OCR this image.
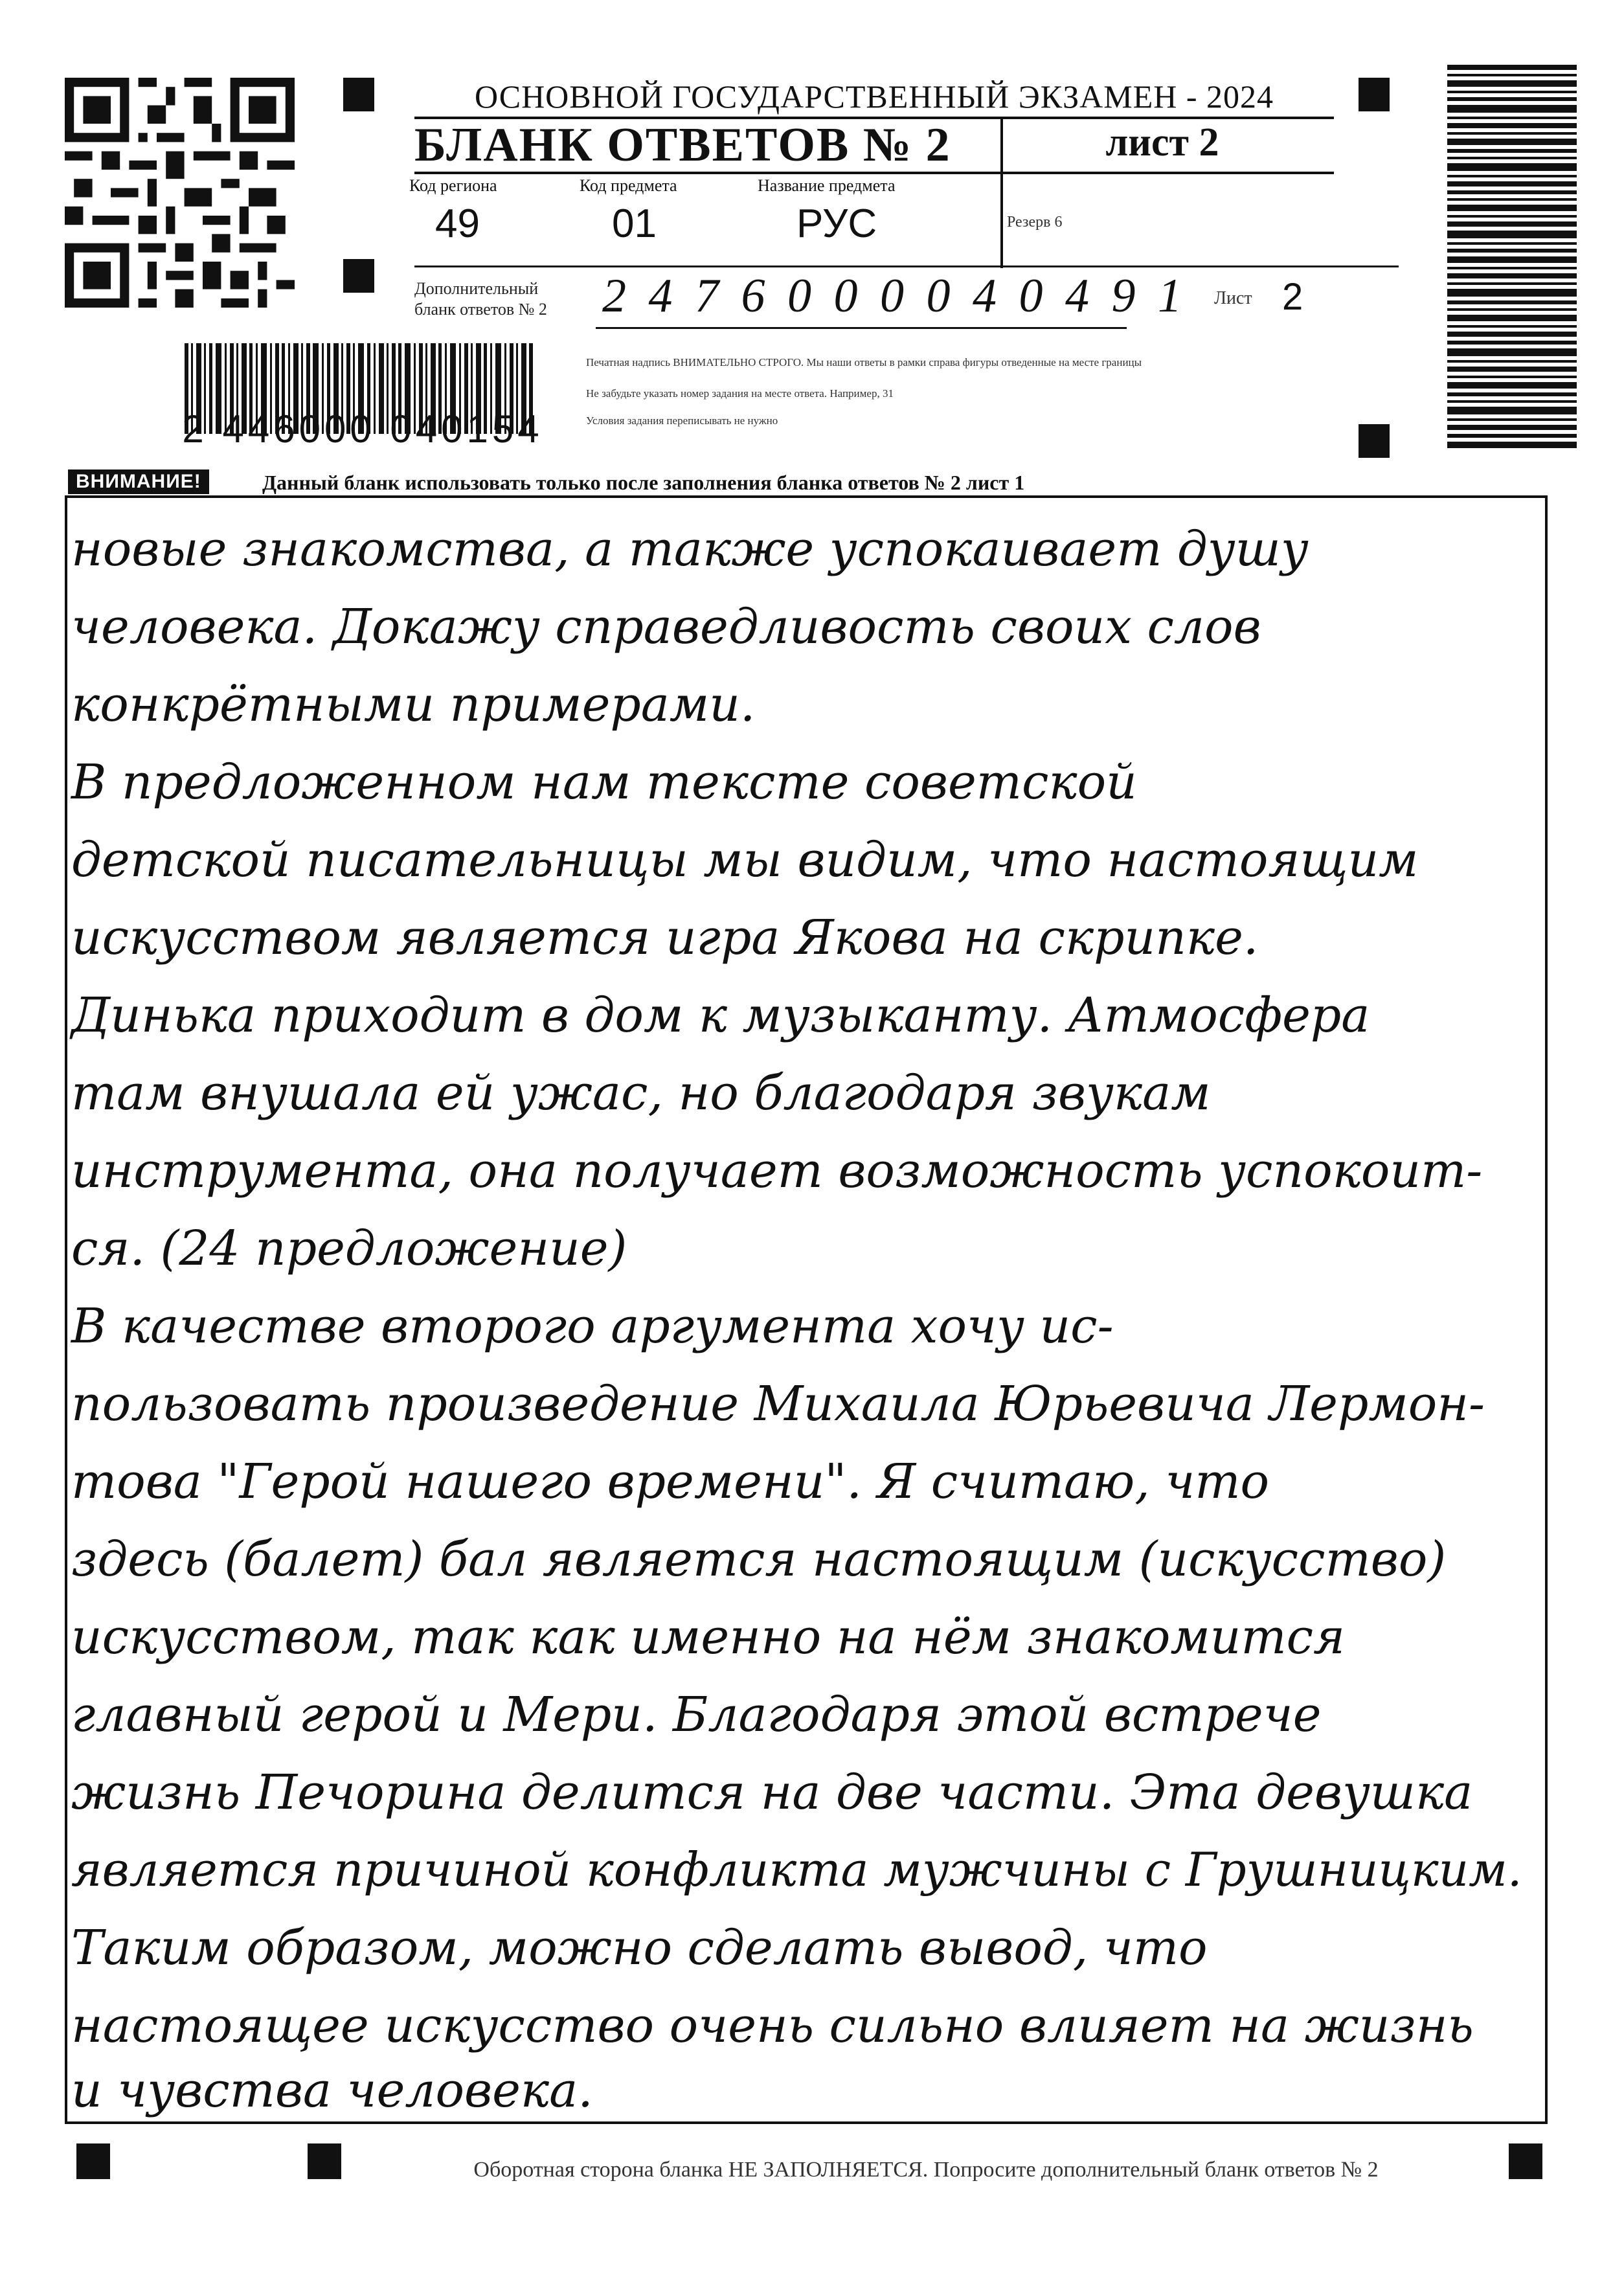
2 446000 040154
ОСНОВНОЙ ГОСУДАРСТВЕННЫЙ ЭКЗАМЕН - 2024
БЛАНК ОТВЕТОВ № 2	лист 2
Код региона	Код предмета	Название предмета
49	01	РУС	Резерв 6
Дополнительный
бланк ответов № 2 2 4 7 6 0 0 0 0 4 0 4 9 1 Лист 2
Печатная надпись ВНИМАТЕЛЬНО СТРОГО. Мы наши ответы в рамки справа фигуры отведенные на месте границы
Не забудьте указать номер задания на месте ответа. Например, 31
Условия задания переписывать не нужно
ВНИМАНИЕ!	Данный бланк использовать только после заполнения бланка ответов № 2 лист 1
новые знакомства, а также успокаивает душу
человека. Докажу справедливость своих слов
конкрётными примерами.
В предложенном нам тексте советской
детской писательницы мы видим, что настоящим
искусством является игра Якова на скрипке.
Динька приходит в дом к музыканту. Атмосфера
там внушала ей ужас, но благодаря звукам
инструмента, она получает возможность успокоит-
ся. (24 предложение)
В качестве второго аргумента хочу ис-
пользовать произведение Михаила Юрьевича Лермон-
това "Герой нашего времени". Я считаю, что
здесь (балет) бал является настоящим (искусство)
искусством, так как именно на нём знакомится
главный герой и Мери. Благодаря этой встрече
жизнь Печорина делится на две части. Эта девушка
является причиной конфликта мужчины с Грушницким.
Таким образом, можно сделать вывод, что
настоящее искусство очень сильно влияет на жизнь
и чувства человека.
Оборотная сторона бланка НЕ ЗАПОЛНЯЕТСЯ. Попросите дополнительный бланк ответов № 2
